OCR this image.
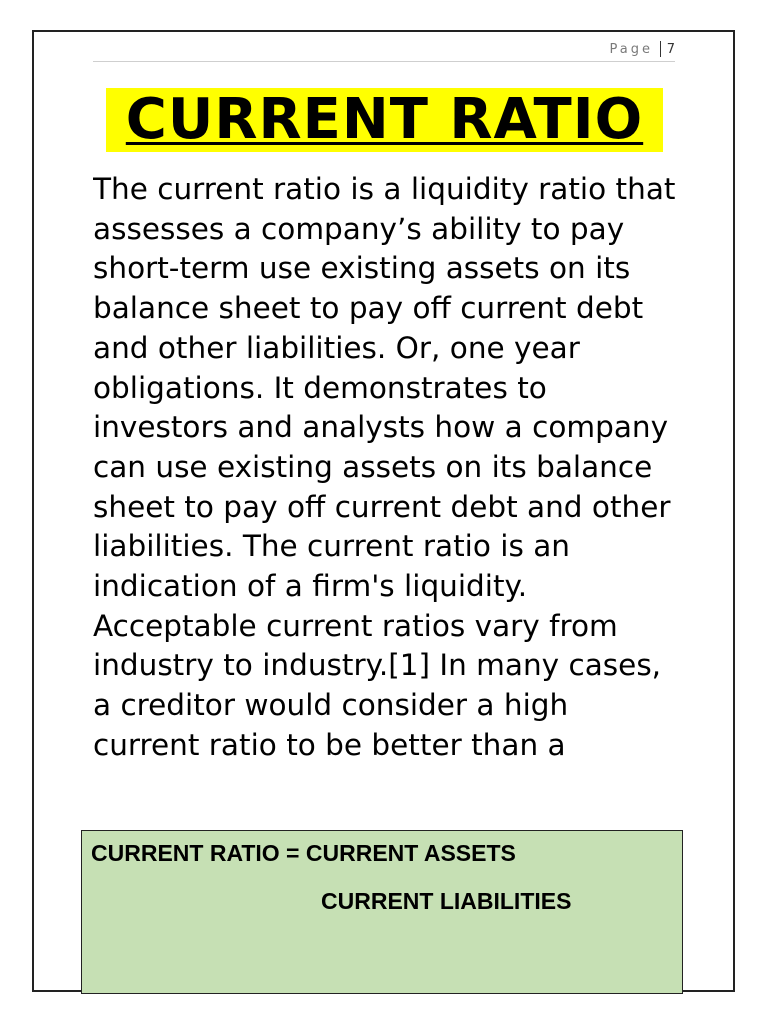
Page 7
CURRENT RATIO

The current ratio is a liquidity ratio that assesses a company’s ability to pay short-term use existing assets on its balance sheet to pay off current debt and other liabilities. Or, one year obligations. It demonstrates to investors and analysts how a company can use existing assets on its balance sheet to pay off current debt and other liabilities. The current ratio is an indication of a firm's liquidity. Acceptable current ratios vary from industry to industry.[1] In many cases, a creditor would consider a high current ratio to be better than a

CURRENT RATIO = CURRENT ASSETS
CURRENT LIABILITIES
